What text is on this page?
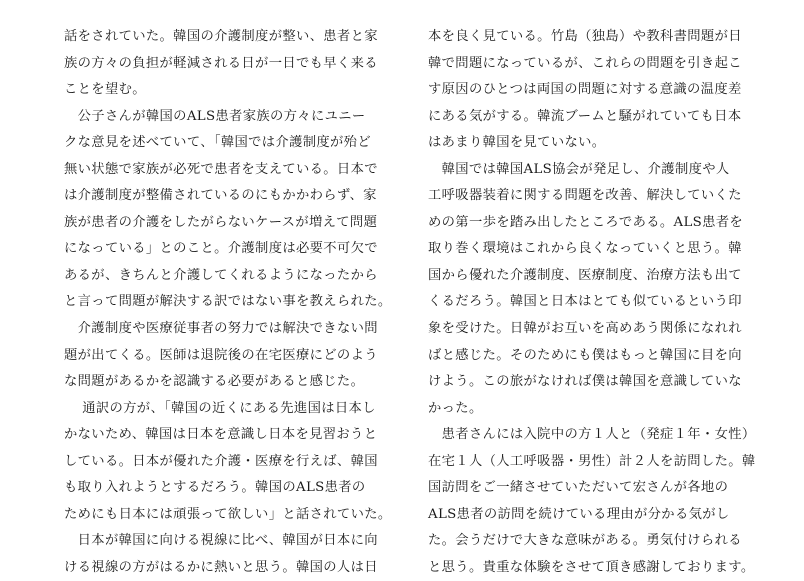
話をされていた。韓国の介護制度が整い、患者と家
族の方々の負担が軽減される日が一日でも早く来る
ことを望む。
　公子さんが韓国のALS患者家族の方々にユニー
クな意見を述べていて、「韓国では介護制度が殆ど
無い状態で家族が必死で患者を支えている。日本で
は介護制度が整備されているのにもかかわらず、家
族が患者の介護をしたがらないケースが増えて問題
になっている」とのこと。介護制度は必要不可欠で
あるが、きちんと介護してくれるようになったから
と言って問題が解決する訳ではない事を教えられた。
　介護制度や医療従事者の努力では解決できない問
題が出てくる。医師は退院後の在宅医療にどのよう
な問題があるかを認識する必要があると感じた。
　 通訳の方が、「韓国の近くにある先進国は日本し
かないため、韓国は日本を意識し日本を見習おうと
している。日本が優れた介護・医療を行えば、韓国
も取り入れようとするだろう。韓国のALS患者の
ためにも日本には頑張って欲しい」と話されていた。
　日本が韓国に向ける視線に比べ、韓国が日本に向
ける視線の方がはるかに熱いと思う。韓国の人は日
本を良く見ている。竹島（独島）や教科書問題が日
韓で問題になっているが、これらの問題を引き起こ
す原因のひとつは両国の問題に対する意識の温度差
にある気がする。韓流ブームと騒がれていても日本
はあまり韓国を見ていない。
　韓国では韓国ALS協会が発足し、介護制度や人
工呼吸器装着に関する問題を改善、解決していくた
めの第一歩を踏み出したところである。ALS患者を
取り巻く環境はこれから良くなっていくと思う。韓
国から優れた介護制度、医療制度、治療方法も出て
くるだろう。韓国と日本はとても似ているという印
象を受けた。日韓がお互いを高めあう関係になれれ
ばと感じた。そのためにも僕はもっと韓国に目を向
けよう。この旅がなければ僕は韓国を意識していな
かった。
　患者さんには入院中の方１人と（発症１年・女性）
在宅１人（人工呼吸器・男性）計２人を訪問した。韓
国訪問をご一緒させていただいて宏さんが各地の
ALS患者の訪問を続けている理由が分かる気がし
た。会うだけで大きな意味がある。勇気付けられる
と思う。貴重な体験をさせて頂き感謝しております。
